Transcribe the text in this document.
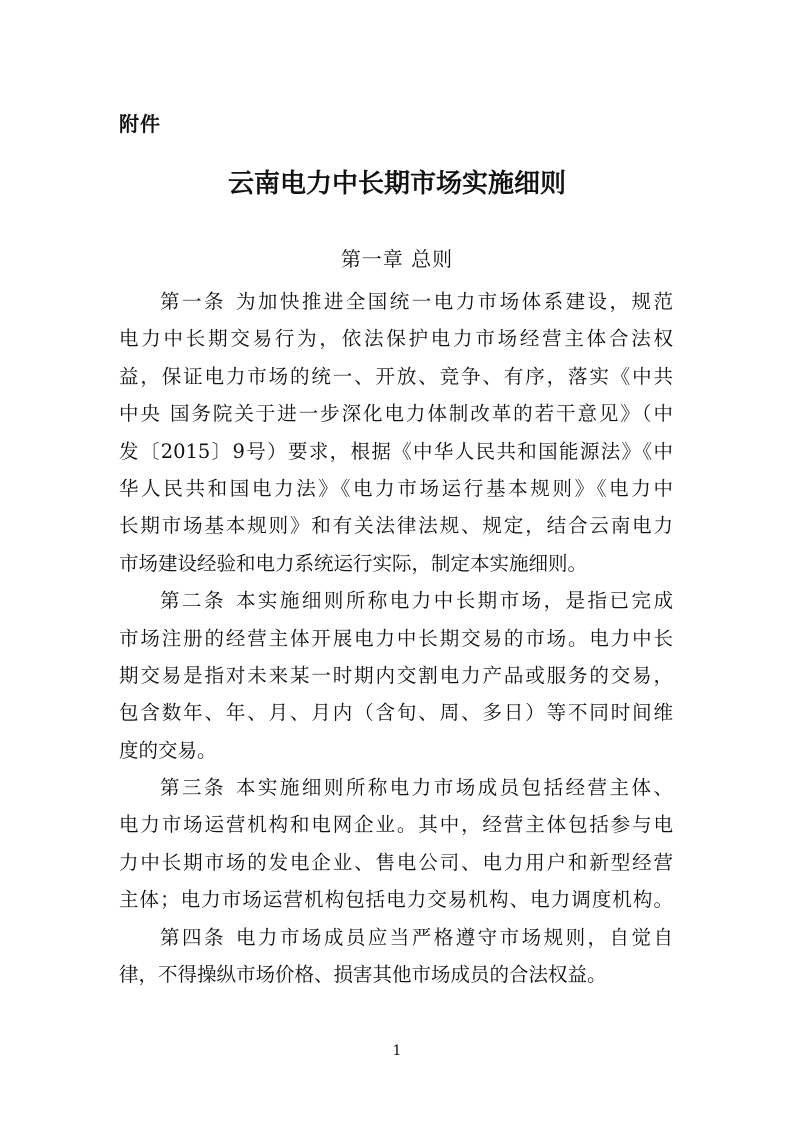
附件
云南电力中长期市场实施细则
第一章 总则
第一条 为加快推进全国统一电力市场体系建设，规范
电力中长期交易行为，依法保护电力市场经营主体合法权
益，保证电力市场的统一、开放、竞争、有序，落实《中共
中央 国务院关于进一步深化电力体制改革的若干意见》（中
发〔2015〕9号）要求，根据《中华人民共和国能源法》《中
华人民共和国电力法》《电力市场运行基本规则》《电力中
长期市场基本规则》和有关法律法规、规定，结合云南电力
市场建设经验和电力系统运行实际，制定本实施细则。
第二条 本实施细则所称电力中长期市场，是指已完成
市场注册的经营主体开展电力中长期交易的市场。电力中长
期交易是指对未来某一时期内交割电力产品或服务的交易，
包含数年、年、月、月内（含旬、周、多日）等不同时间维
度的交易。
第三条 本实施细则所称电力市场成员包括经营主体、
电力市场运营机构和电网企业。其中，经营主体包括参与电
力中长期市场的发电企业、售电公司、电力用户和新型经营
主体；电力市场运营机构包括电力交易机构、电力调度机构。
第四条 电力市场成员应当严格遵守市场规则，自觉自
律，不得操纵市场价格、损害其他市场成员的合法权益。
1
